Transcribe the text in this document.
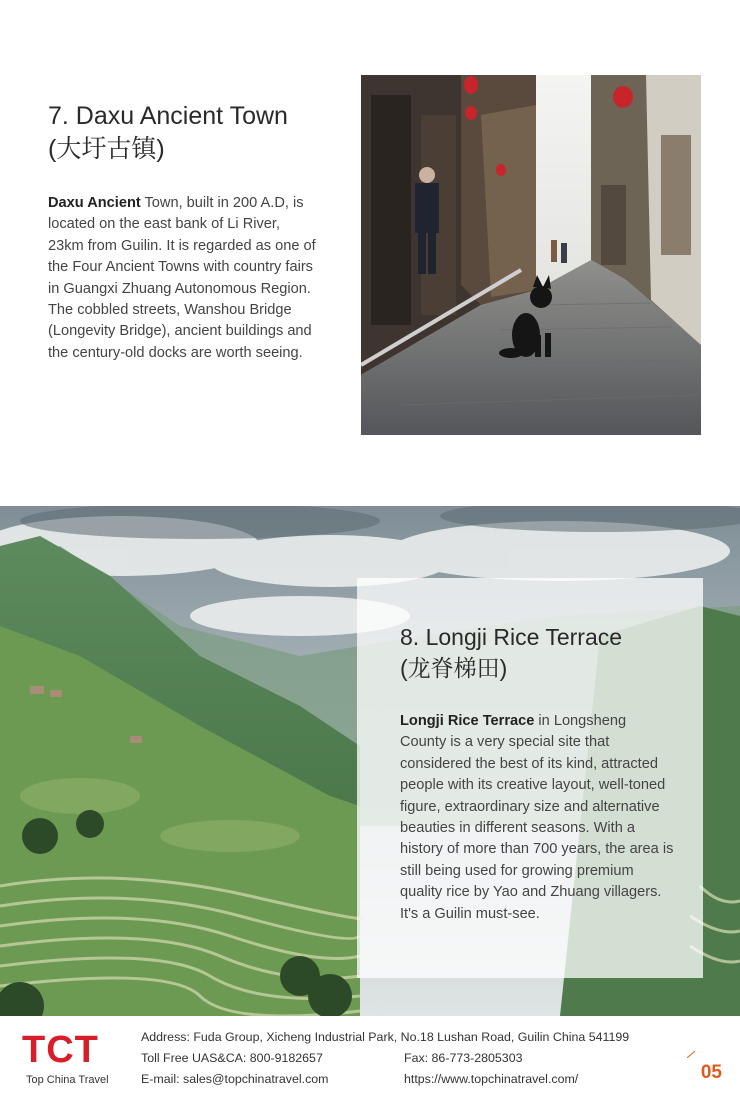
7. Daxu Ancient Town
(大圩古镇)

Daxu Ancient Town, built in 200 A.D, is located on the east bank of Li River, 23km from Guilin. It is regarded as one of the Four Ancient Towns with country fairs in Guangxi Zhuang Autonomous Region. The cobbled streets, Wanshou Bridge (Longevity Bridge), ancient buildings and the century-old docks are worth seeing.

8. Longji Rice Terrace
(龙脊梯田)

Longji Rice Terrace in Longsheng County is a very special site that considered the best of its kind, attracted people with its creative layout, well-toned figure, extraordinary size and alternative beauties in different seasons. With a history of more than 700 years, the area is still being used for growing premium quality rice by Yao and Zhuang villagers. It's a Guilin must-see.

TCT
Top China Travel
Address: Fuda Group, Xicheng Industrial Park, No.18 Lushan Road, Guilin China 541199
Toll Free UAS&CA: 800-9182657	Fax: 86-773-2805303
E-mail: sales@topchinatravel.com	https://www.topchinatravel.com/	05
